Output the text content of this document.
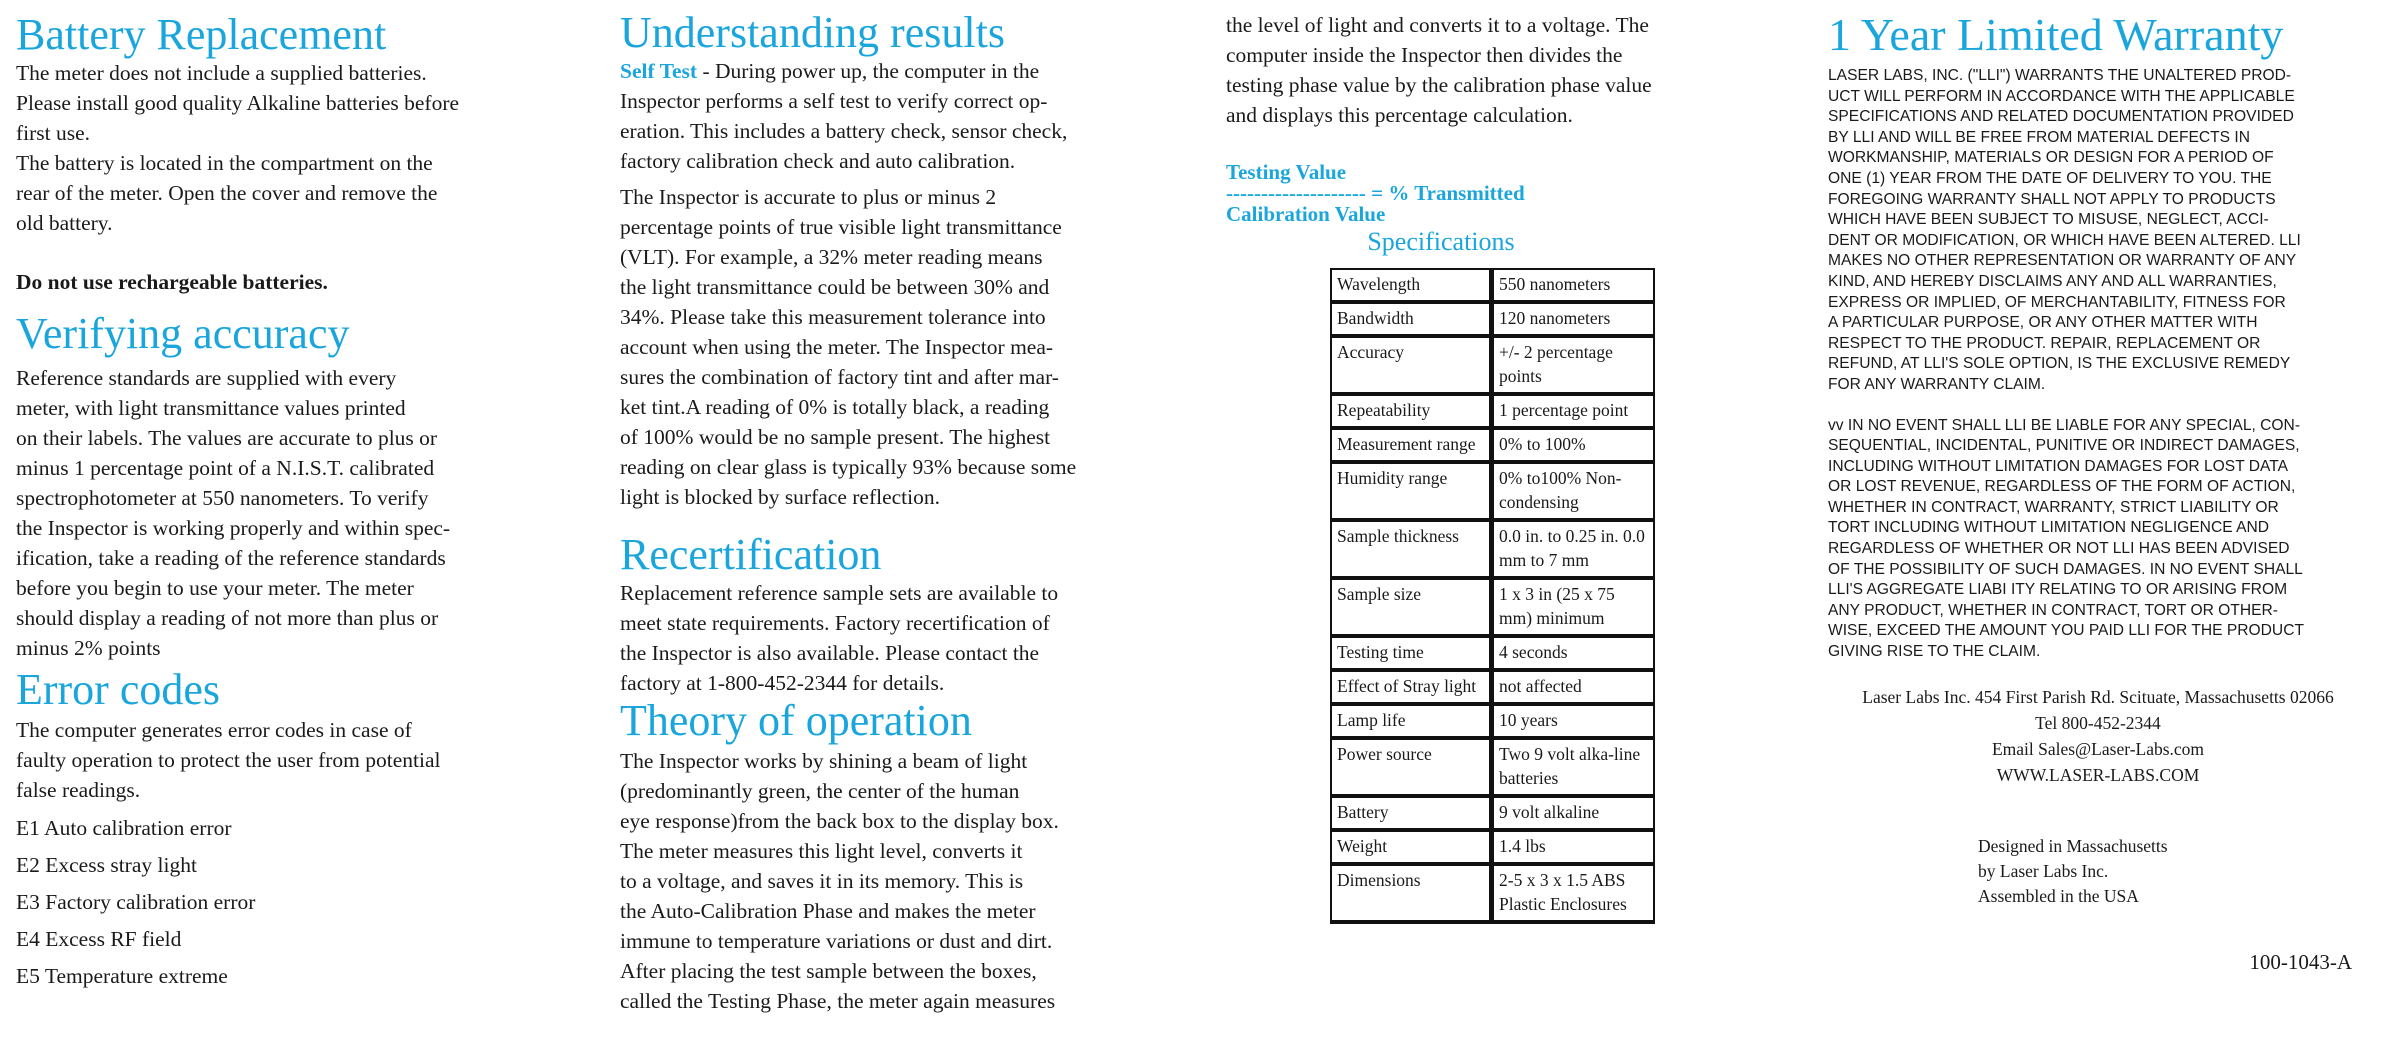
Battery Replacement

The meter does not include a supplied batteries.

Please install good quality Alkaline batteries before

first use.

The battery is located in the compartment on the

rear of the meter. Open the cover and remove the

old battery.

Do not use rechargeable batteries.

Verifying accuracy

Reference standards are supplied with every

meter, with light transmittance values printed

on their labels. The values are accurate to plus or

minus 1 percentage point of a N.I.S.T. calibrated

spectrophotometer at 550 nanometers. To verify

the Inspector is working properly and within spec-

ification, take a reading of the reference standards

before you begin to use your meter. The meter

should display a reading of not more than plus or

minus 2% points

Error codes

The computer generates error codes in case of

faulty operation to protect the user from potential

false readings.

E1 Auto calibration error

E2 Excess stray light

E3 Factory calibration error

E4 Excess RF field

E5 Temperature extreme

Understanding results

Self Test - During power up, the computer in the

Inspector performs a self test to verify correct op-

eration. This includes a battery check, sensor check,

factory calibration check and auto calibration.

The Inspector is accurate to plus or minus 2

percentage points of true visible light transmittance

(VLT). For example, a 32% meter reading means

the light transmittance could be between 30% and

34%. Please take this measurement tolerance into

account when using the meter. The Inspector mea-

sures the combination of factory tint and after mar-

ket tint.A reading of 0% is totally black, a reading

of 100% would be no sample present. The highest

reading on clear glass is typically 93% because some

light is blocked by surface reflection.

Recertification

Replacement reference sample sets are available to

meet state requirements. Factory recertification of

the Inspector is also available. Please contact the

factory at 1-800-452-2344 for details.

Theory of operation

The Inspector works by shining a beam of light

(predominantly green, the center of the human

eye response)from the back box to the display box.

The meter measures this light level, converts it

to a voltage, and saves it in its memory. This is

the Auto-Calibration Phase and makes the meter

immune to temperature variations or dust and dirt.

After placing the test sample between the boxes,

called the Testing Phase, the meter again measures

the level of light and converts it to a voltage. The

computer inside the Inspector then divides the

testing phase value by the calibration phase value

and displays this percentage calculation.

Testing Value
-------------------- = % Transmitted
Calibration Value
Specifications
Wavelength	550 nanometers
Bandwidth	120 nanometers
Accuracy	+/- 2 percentage points
Repeatability	1 percentage point
Measurement range	0% to 100%
Humidity range	0% to100% Non-condensing
Sample thickness	0.0 in. to 0.25 in. 0.0 mm to 7 mm
Sample size	1 x 3 in (25 x 75 mm) minimum
Testing time	4 seconds
Effect of Stray light	not affected
Lamp life	10 years
Power source	Two 9 volt alka-line batteries
Battery	9 volt alkaline
Weight	1.4 lbs
Dimensions	2-5 x 3 x 1.5 ABS Plastic Enclosures
1 Year Limited Warranty

LASER LABS, INC. ("LLI") WARRANTS THE UNALTERED PROD-

UCT WILL PERFORM IN ACCORDANCE WITH THE APPLICABLE

SPECIFICATIONS AND RELATED DOCUMENTATION PROVIDED

BY LLI AND WILL BE FREE FROM MATERIAL DEFECTS IN

WORKMANSHIP, MATERIALS OR DESIGN FOR A PERIOD OF

ONE (1) YEAR FROM THE DATE OF DELIVERY TO YOU. THE

FOREGOING WARRANTY SHALL NOT APPLY TO PRODUCTS

WHICH HAVE BEEN SUBJECT TO MISUSE, NEGLECT, ACCI-

DENT OR MODIFICATION, OR WHICH HAVE BEEN ALTERED. LLI

MAKES NO OTHER REPRESENTATION OR WARRANTY OF ANY

KIND, AND HEREBY DISCLAIMS ANY AND ALL WARRANTIES,

EXPRESS OR IMPLIED, OF MERCHANTABILITY, FITNESS FOR

A PARTICULAR PURPOSE, OR ANY OTHER MATTER WITH

RESPECT TO THE PRODUCT. REPAIR, REPLACEMENT OR

REFUND, AT LLI'S SOLE OPTION, IS THE EXCLUSIVE REMEDY

FOR ANY WARRANTY CLAIM.

vv IN NO EVENT SHALL LLI BE LIABLE FOR ANY SPECIAL, CON-

SEQUENTIAL, INCIDENTAL, PUNITIVE OR INDIRECT DAMAGES,

INCLUDING WITHOUT LIMITATION DAMAGES FOR LOST DATA

OR LOST REVENUE, REGARDLESS OF THE FORM OF ACTION,

WHETHER IN CONTRACT, WARRANTY, STRICT LIABILITY OR

TORT INCLUDING WITHOUT LIMITATION NEGLIGENCE AND

REGARDLESS OF WHETHER OR NOT LLI HAS BEEN ADVISED

OF THE POSSIBILITY OF SUCH DAMAGES. IN NO EVENT SHALL

LLI'S AGGREGATE LIABI ITY RELATING TO OR ARISING FROM

ANY PRODUCT, WHETHER IN CONTRACT, TORT OR OTHER-

WISE, EXCEED THE AMOUNT YOU PAID LLI FOR THE PRODUCT

GIVING RISE TO THE CLAIM.

Laser Labs Inc. 454 First Parish Rd. Scituate, Massachusetts 02066

Tel 800-452-2344

Email Sales@Laser-Labs.com

WWW.LASER-LABS.COM

Designed in Massachusetts
by Laser Labs Inc.
Assembled in the USA
100-1043-A
